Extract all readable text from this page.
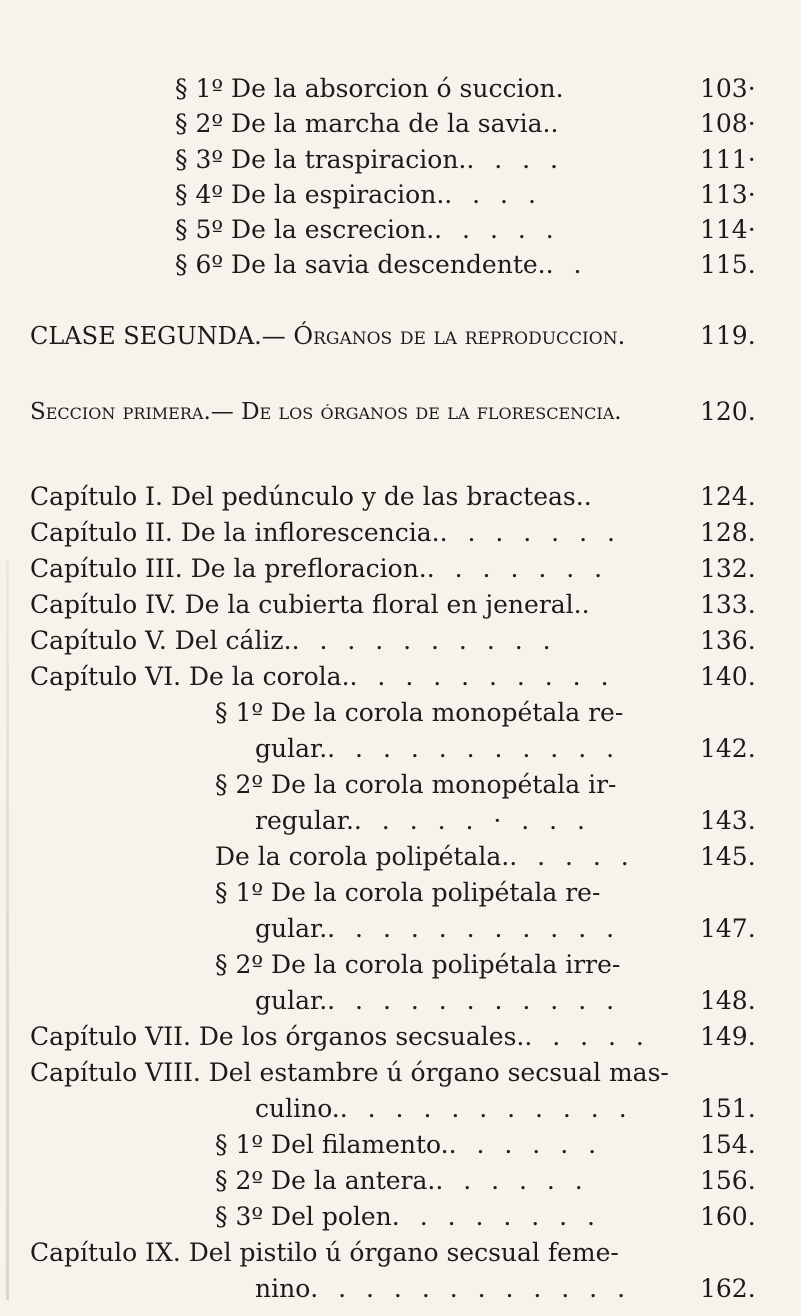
§ 1º De la absorcion ó succion.	103·
§ 2º De la marcha de la savia..	108·
§ 3º De la traspiracion.. . . .	111·
§ 4º De la espiracion.. . . .	113·
§ 5º De la escrecion.. . . . .	114·
§ 6º De la savia descendente.. .	115.
CLASE SEGUNDA.— Órganos de la reproduccion.	119.
Seccion primera.— De los órganos de la florescencia.	120.
Capítulo I. Del pedúnculo y de las bracteas..	124.
Capítulo II. De la inflorescencia.. . . . . . .	128.
Capítulo III. De la prefloracion.. . . . . . .	132.
Capítulo IV. De la cubierta floral en jeneral..	133.
Capítulo V. Del cáliz.. . . . . . . . . .	136.
Capítulo VI. De la corola.. . . . . . . . . .	140.
§ 1º De la corola monopétala re-
gular.. . . . . . . . . . .	142.
§ 2º De la corola monopétala ir-
regular.. . . . . · . . .	143.
De la corola polipétala.. . . . .	145.
§ 1º De la corola polipétala re-
gular.. . . . . . . . . . .	147.
§ 2º De la corola polipétala irre-
gular.. . . . . . . . . . .	148.
Capítulo VII. De los órganos secsuales.. . . . . 149.
Capítulo VIII. Del estambre ú órgano secsual mas-
culino.. . . . . . . . . . .	151.
§ 1º Del filamento.. . . . . .	154.
§ 2º De la antera.. . . . . .	156.
§ 3º Del polen. . . . . . . .	160.
Capítulo IX. Del pistilo ú órgano secsual feme-
nino. . . . . . . . . . . .	162.
